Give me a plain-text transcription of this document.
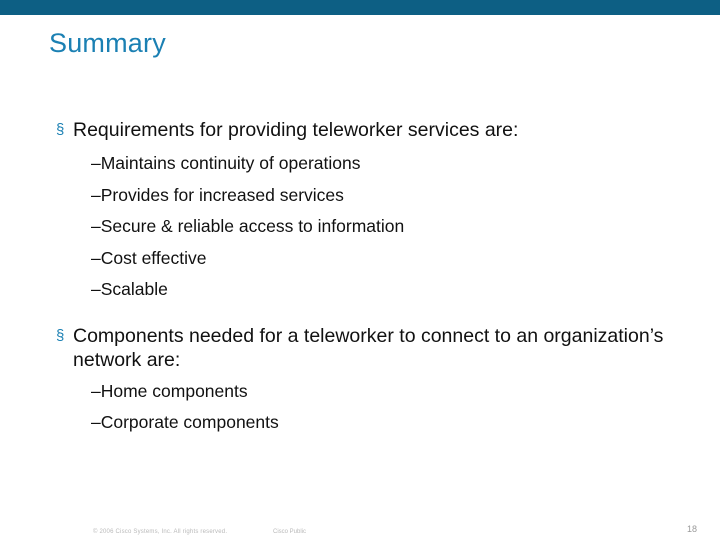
Summary
§ Requirements for providing teleworker services are:
–Maintains continuity of operations
–Provides for increased services
–Secure & reliable access to information
–Cost effective
–Scalable
§ Components needed for a teleworker to connect to an organization’s network are:
–Home components
–Corporate components
© 2006 Cisco Systems, Inc. All rights reserved.	Cisco Public	18
